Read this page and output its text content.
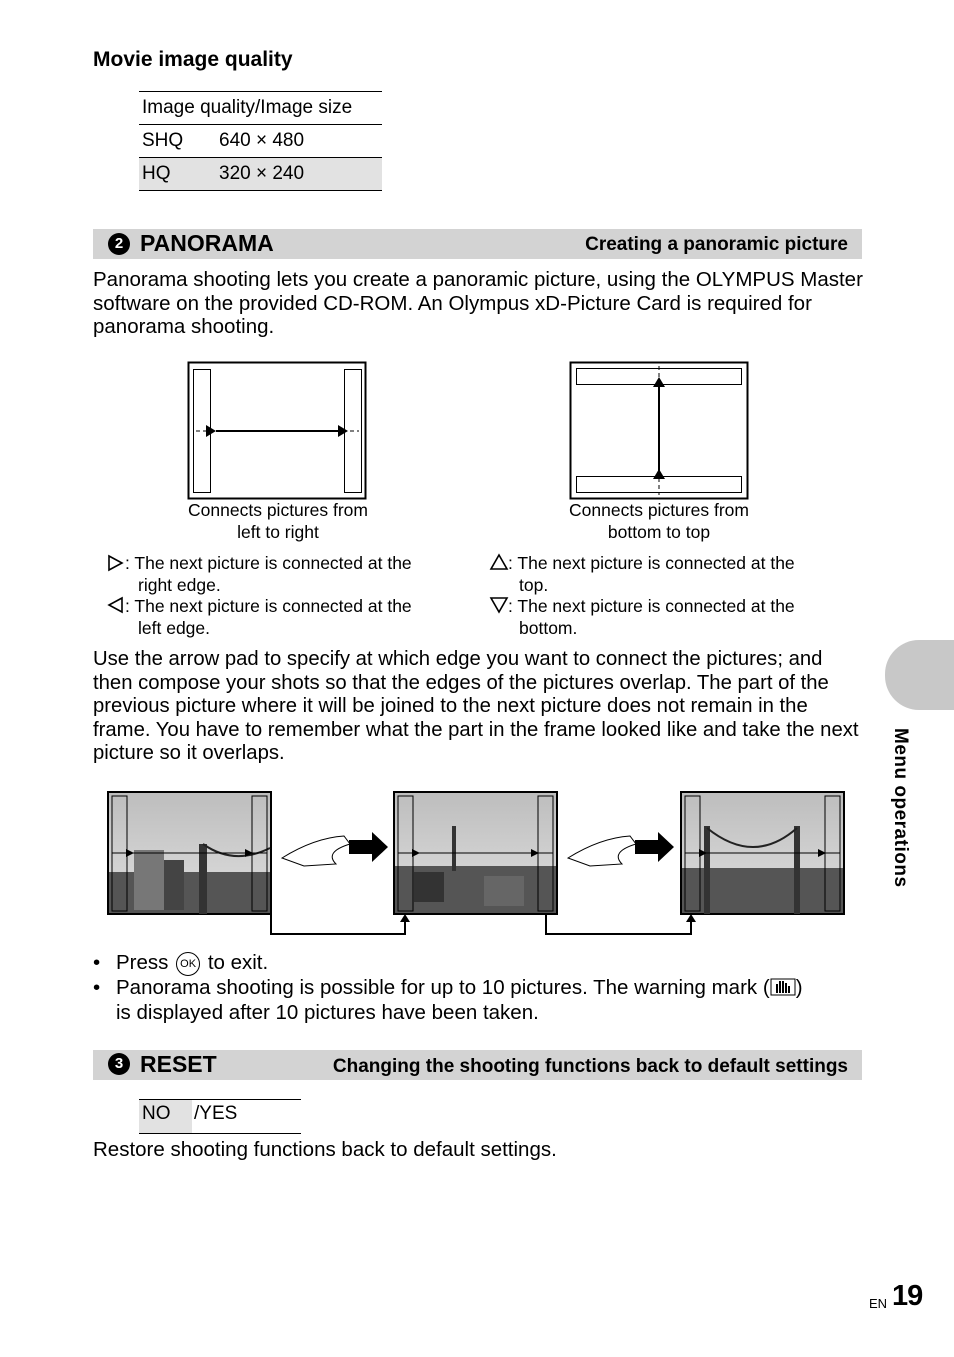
Movie image quality
Image quality/Image size	
SHQ	640 × 480
HQ	320 × 240
2 PANORAMA	Creating a panoramic picture
Panorama shooting lets you create a panoramic picture, using the OLYMPUS Master software on the provided CD-ROM. An Olympus xD-Picture Card is required for panorama shooting.
Connects pictures from
left to right
Connects pictures from
bottom to top
: The next picture is connected at the
right edge.
: The next picture is connected at the
left edge.
: The next picture is connected at the
top.
: The next picture is connected at the
bottom.
Use the arrow pad to specify at which edge you want to connect the pictures; and then compose your shots so that the edges of the pictures overlap. The part of the previous picture where it will be joined to the next picture does not remain in the frame. You have to remember what the part in the frame looked like and take the next picture so it overlaps.
• Press OK to exit.
• Panorama shooting is possible for up to 10 pictures. The warning mark ( )
is displayed after 10 pictures have been taken.
3 RESET	Changing the shooting functions back to default settings
NO /YES
Restore shooting functions back to default settings.
Menu operations
EN 19
